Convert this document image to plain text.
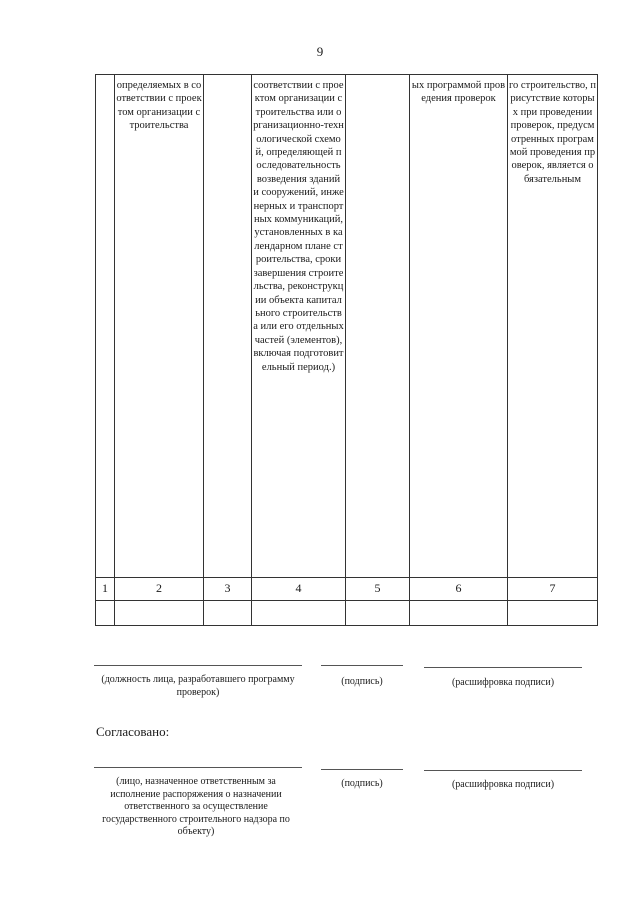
9
	определяемых в соответствии с проектом организации строительства		соответствии с проектом организации строительства или организационно-технологической схемой, определяющей последовательность возведения зданий и сооружений, инженерных и транспортных коммуникаций, установленных в календарном плане строительства, сроки завершения строительства, реконструкции объекта капитального строительства или его отдельных частей (элементов), включая подготовительный период.)		ых программой проведения проверок	го строительство, присутствие которых при проведении проверок, предусмотренных программой проведения проверок, является обязательным
1	2	3	4	5	6	7

(должность лица, разработавшего программу проверок)
(подпись)	(расшифровка подписи)
Согласовано:
(лицо, назначенное ответственным за исполнение распоряжения о назначении ответственного за осуществление государственного строительного надзора по объекту)
(подпись)	(расшифровка подписи)
